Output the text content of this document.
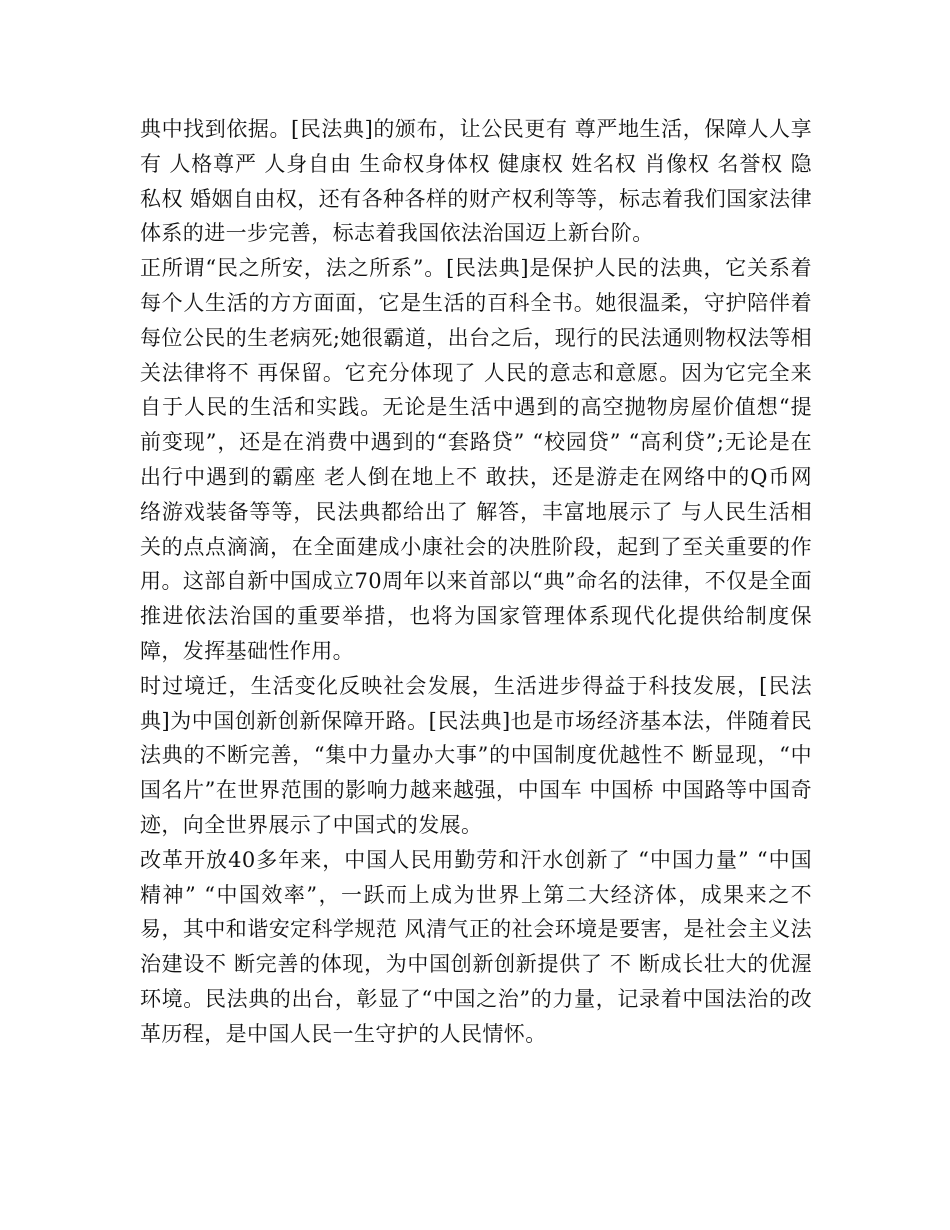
典中找到依据。[民法典]的颁布，让公民更有 尊严地生活，保障人人享有 人格尊严 人身自由 生命权身体权 健康权 姓名权 肖像权 名誉权 隐私权 婚姻自由权，还有各种各样的财产权利等等，标志着我们国家法律体系的进一步完善，标志着我国依法治国迈上新台阶。

正所谓“民之所安，法之所系”。[民法典]是保护人民的法典，它关系着每个人生活的方方面面，它是生活的百科全书。她很温柔，守护陪伴着每位公民的生老病死;她很霸道，出台之后，现行的民法通则物权法等相关法律将不 再保留。它充分体现了 人民的意志和意愿。因为它完全来自于人民的生活和实践。无论是生活中遇到的高空抛物房屋价值想“提前变现”，还是在消费中遇到的“套路贷” “校园贷” “高利贷”;无论是在出行中遇到的霸座 老人倒在地上不 敢扶，还是游走在网络中的Q币网络游戏装备等等，民法典都给出了 解答，丰富地展示了 与人民生活相关的点点滴滴，在全面建成小康社会的决胜阶段，起到了至关重要的作用。这部自新中国成立70周年以来首部以“典”命名的法律，不仅是全面推进依法治国的重要举措，也将为国家管理体系现代化提供给制度保障，发挥基础性作用。

时过境迁，生活变化反映社会发展，生活进步得益于科技发展，[民法典]为中国创新创新保障开路。[民法典]也是市场经济基本法，伴随着民法典的不断完善，“集中力量办大事”的中国制度优越性不 断显现，“中国名片”在世界范围的影响力越来越强，中国车 中国桥 中国路等中国奇迹，向全世界展示了中国式的发展。

改革开放40多年来，中国人民用勤劳和汗水创新了 “中国力量” “中国精神” “中国效率”，一跃而上成为世界上第二大经济体，成果来之不 易，其中和谐安定科学规范 风清气正的社会环境是要害，是社会主义法治建设不 断完善的体现，为中国创新创新提供了 不 断成长壮大的优渥环境。民法典的出台，彰显了“中国之治”的力量，记录着中国法治的改革历程，是中国人民一生守护的人民情怀。
